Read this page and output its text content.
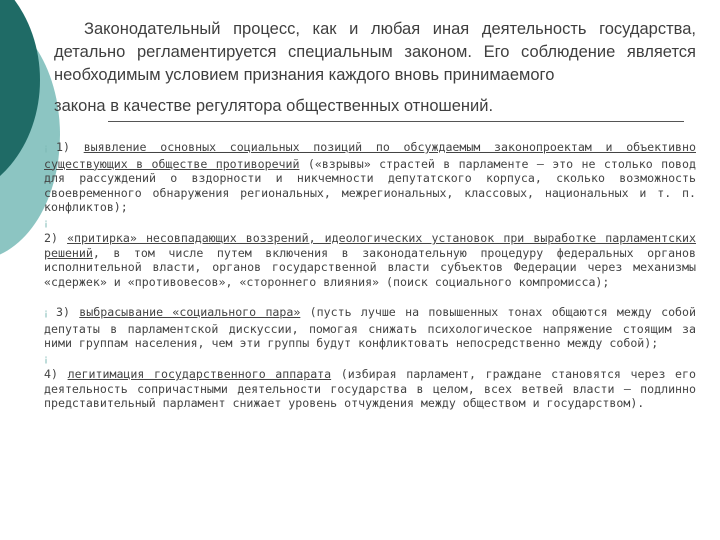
Законодательный процесс, как и любая иная деятельность государства, детально регламентируется специальным законом. Его соблюдение является необходимым условием признания каждого вновь принимаемого
закона в качестве регулятора общественных отношений.

¡ 1) выявление основных социальных позиций по обсуждаемым законопроектам и объективно существующих в обществе противоречий («взрывы» страстей в парламенте — это не столько повод для рассуждений о вздорности и никчемности депутатского корпуса, сколько возможность своевременного обнаружения региональных, межрегиональных, классовых, национальных и т. п. конфликтов);

¡
2) «притирка» несовпадающих воззрений, идеологических установок при выработке парламентских решений, в том числе путем включения в законодательную процедуру федеральных органов исполнительной власти, органов государственной власти субъектов Федерации через механизмы «сдержек» и «противовесов», «стороннего влияния» (поиск социального компромисса);

¡ 3) выбрасывание «социального пара» (пусть лучше на повышенных тонах общаются между собой депутаты в парламентской дискуссии, помогая снижать психологическое напряжение стоящим за ними группам населения, чем эти группы будут конфликтовать непосредственно между собой);

¡
4) легитимация государственного аппарата (избирая парламент, граждане становятся через его деятельность сопричастными деятельности государства в целом, всех ветвей власти — подлинно представительный парламент снижает уровень отчуждения между обществом и государством).
